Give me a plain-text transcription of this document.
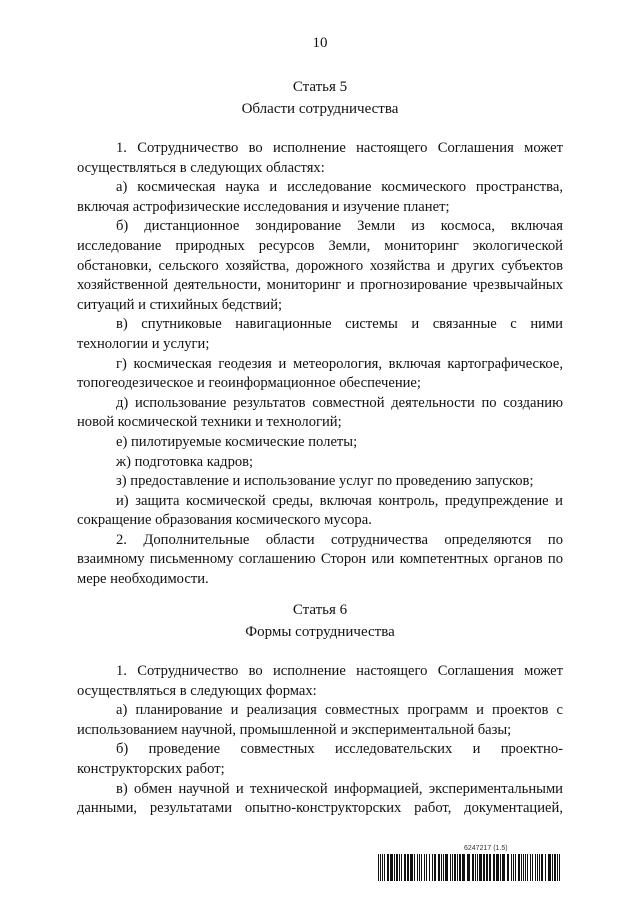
10
Статья 5
Области сотрудничества

1. Сотрудничество во исполнение настоящего Соглашения может осуществляться в следующих областях:

а) космическая наука и исследование космического пространства, включая астрофизические исследования и изучение планет;

б) дистанционное зондирование Земли из космоса, включая исследование природных ресурсов Земли, мониторинг экологической обстановки, сельского хозяйства, дорожного хозяйства и других субъектов хозяйственной деятельности, мониторинг и прогнозирование чрезвычайных ситуаций и стихийных бедствий;

в) спутниковые навигационные системы и связанные с ними технологии и услуги;

г) космическая геодезия и метеорология, включая картографическое, топогеодезическое и геоинформационное обеспечение;

д) использование результатов совместной деятельности по созданию новой космической техники и технологий;

е) пилотируемые космические полеты;

ж) подготовка кадров;

з) предоставление и использование услуг по проведению запусков;

и) защита космической среды, включая контроль, предупреждение и сокращение образования космического мусора.

2. Дополнительные области сотрудничества определяются по взаимному письменному соглашению Сторон или компетентных органов по мере необходимости.

Статья 6
Формы сотрудничества

1. Сотрудничество во исполнение настоящего Соглашения может осуществляться в следующих формах:

а) планирование и реализация совместных программ и проектов с использованием научной, промышленной и экспериментальной базы;

б) проведение совместных исследовательских и проектно-конструкторских работ;

в) обмен научной и технической информацией, экспериментальными данными, результатами опытно-конструкторских работ, документацией,

6247217 (1.5)
